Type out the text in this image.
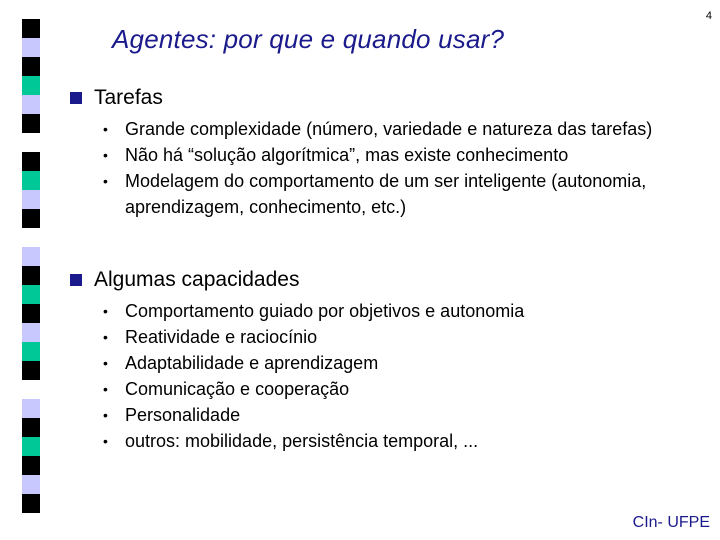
4
Agentes: por que e quando usar?
Tarefas
• Grande complexidade (número, variedade e natureza das tarefas)
• Não há “solução algorítmica”, mas existe conhecimento
• Modelagem do comportamento de um ser inteligente (autonomia, aprendizagem, conhecimento, etc.)
Algumas capacidades
• Comportamento guiado por objetivos e autonomia
• Reatividade e raciocínio
• Adaptabilidade e aprendizagem
• Comunicação e cooperação
• Personalidade
• outros: mobilidade, persistência temporal, ...
CIn- UFPE
